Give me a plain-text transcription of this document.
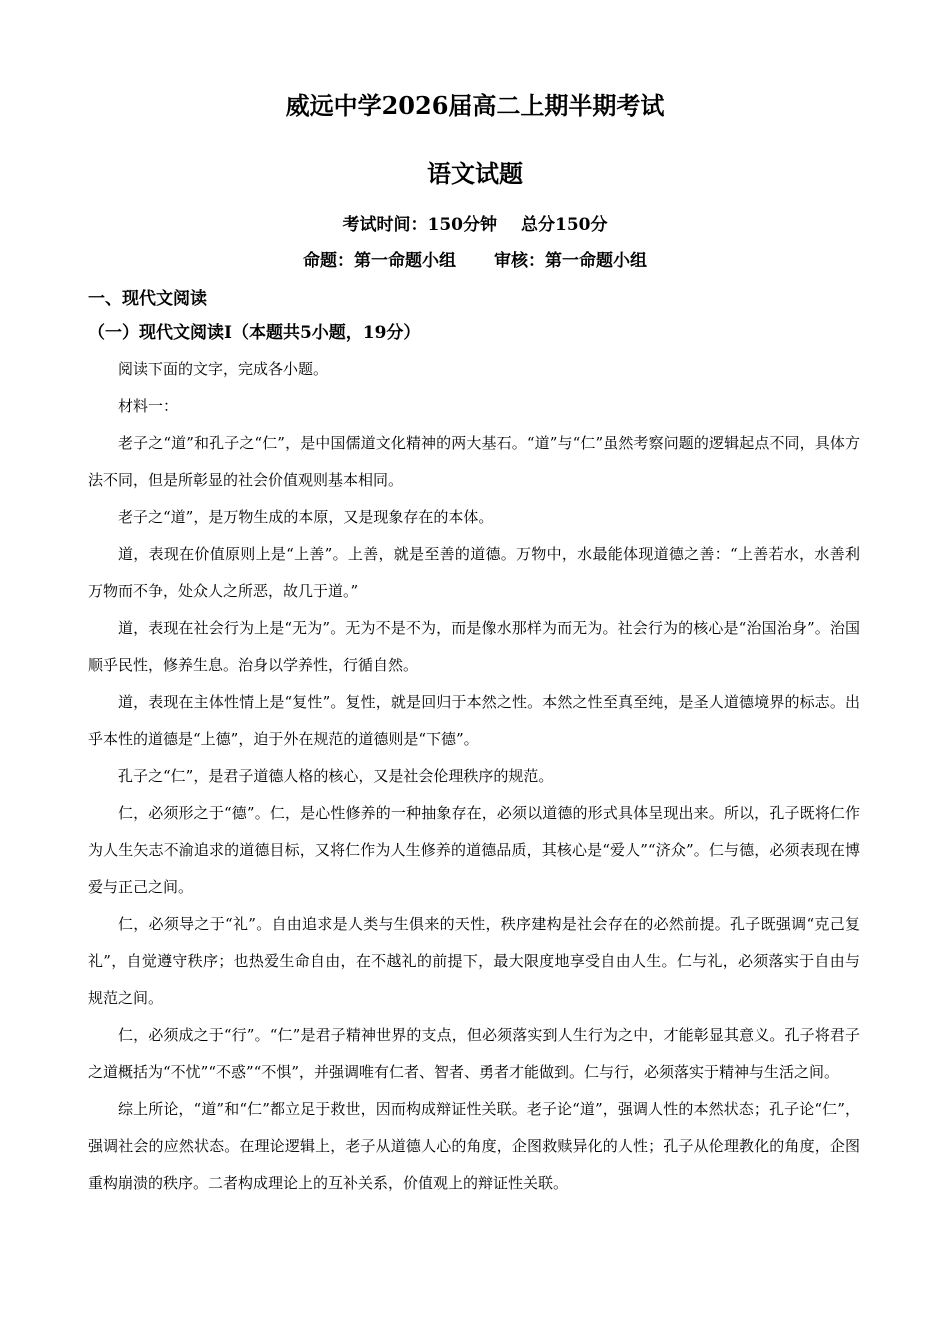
威远中学2026届高二上期半期考试
语文试题
考试时间：150分钟 总分150分
命题：第一命题小组 审核：第一命题小组
一、现代文阅读
（一）现代文阅读Ⅰ（本题共5小题，19分）

阅读下面的文字，完成各小题。

材料一：

老子之“道”和孔子之“仁”，是中国儒道文化精神的两大基石。“道”与“仁”虽然考察问题的逻辑起点不同，具体方法不同，但是所彰显的社会价值观则基本相同。

老子之“道”，是万物生成的本原，又是现象存在的本体。

道，表现在价值原则上是“上善”。上善，就是至善的道德。万物中，水最能体现道德之善：“上善若水，水善利万物而不争，处众人之所恶，故几于道。”

道，表现在社会行为上是“无为”。无为不是不为，而是像水那样为而无为。社会行为的核心是“治国治身”。治国顺乎民性，修养生息。治身以学养性，行循自然。

道，表现在主体性情上是“复性”。复性，就是回归于本然之性。本然之性至真至纯，是圣人道德境界的标志。出乎本性的道德是“上德”，迫于外在规范的道德则是“下德”。

孔子之“仁”，是君子道德人格的核心，又是社会伦理秩序的规范。

仁，必须形之于“德”。仁，是心性修养的一种抽象存在，必须以道德的形式具体呈现出来。所以，孔子既将仁作为人生矢志不渝追求的道德目标，又将仁作为人生修养的道德品质，其核心是“爱人”“济众”。仁与德，必须表现在博爱与正己之间。

仁，必须导之于“礼”。自由追求是人类与生俱来的天性，秩序建构是社会存在的必然前提。孔子既强调“克己复礼”，自觉遵守秩序；也热爱生命自由，在不越礼的前提下，最大限度地享受自由人生。仁与礼，必须落实于自由与规范之间。

仁，必须成之于“行”。“仁”是君子精神世界的支点，但必须落实到人生行为之中，才能彰显其意义。孔子将君子之道概括为“不忧”“不惑”“不惧”，并强调唯有仁者、智者、勇者才能做到。仁与行，必须落实于精神与生活之间。

综上所论，“道”和“仁”都立足于救世，因而构成辩证性关联。老子论“道”，强调人性的本然状态；孔子论“仁”，强调社会的应然状态。在理论逻辑上，老子从道德人心的角度，企图救赎异化的人性；孔子从伦理教化的角度，企图重构崩溃的秩序。二者构成理论上的互补关系，价值观上的辩证性关联。
